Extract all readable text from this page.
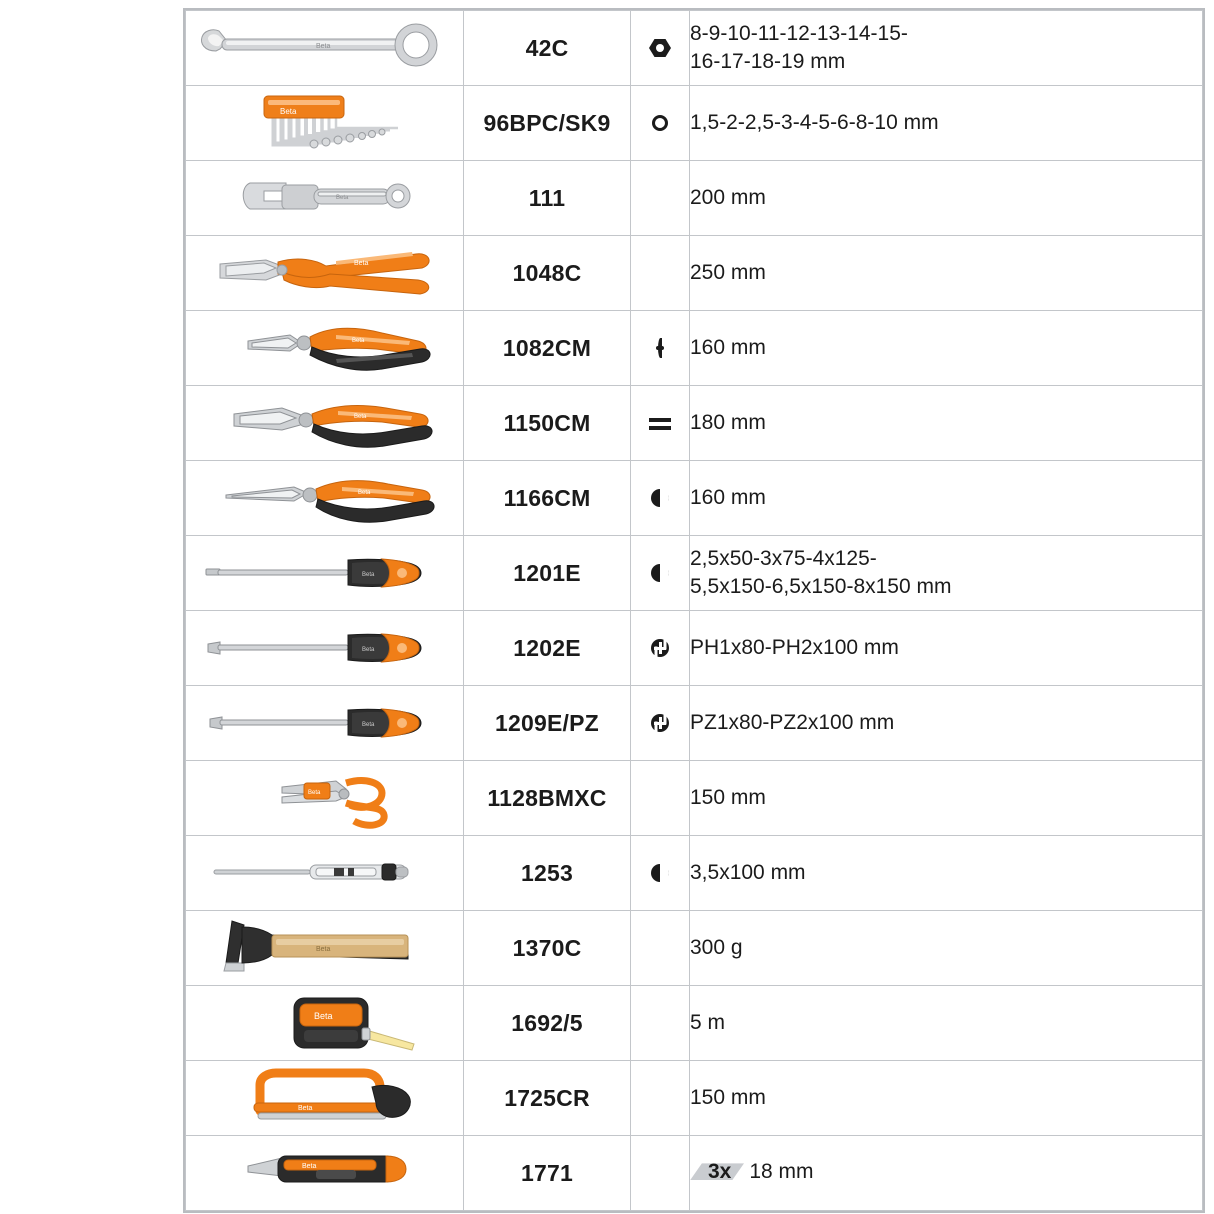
Beta	42C		8-9-10-11-12-13-14-15-
16-17-18-19 mm

Beta	96BPC/SK9		1,5-2-2,5-3-4-5-6-8-10 mm

Beta	111		200 mm

Beta	1048C		250 mm

Beta	1082CM		160 mm

Beta	1150CM		180 mm

Beta	1166CM		160 mm

Beta	1201E		2,5x50-3x75-4x125-
5,5x150-6,5x150-8x150 mm

Beta	1202E		PH1x80-PH2x100 mm

Beta	1209E/PZ		PZ1x80-PZ2x100 mm

Beta	1128BMXC		150 mm

	1253		3,5x100 mm

Beta	1370C		300 g

Beta	1692/5		5 m

Beta	1725CR		150 mm

Beta	1771		3x 18 mm
